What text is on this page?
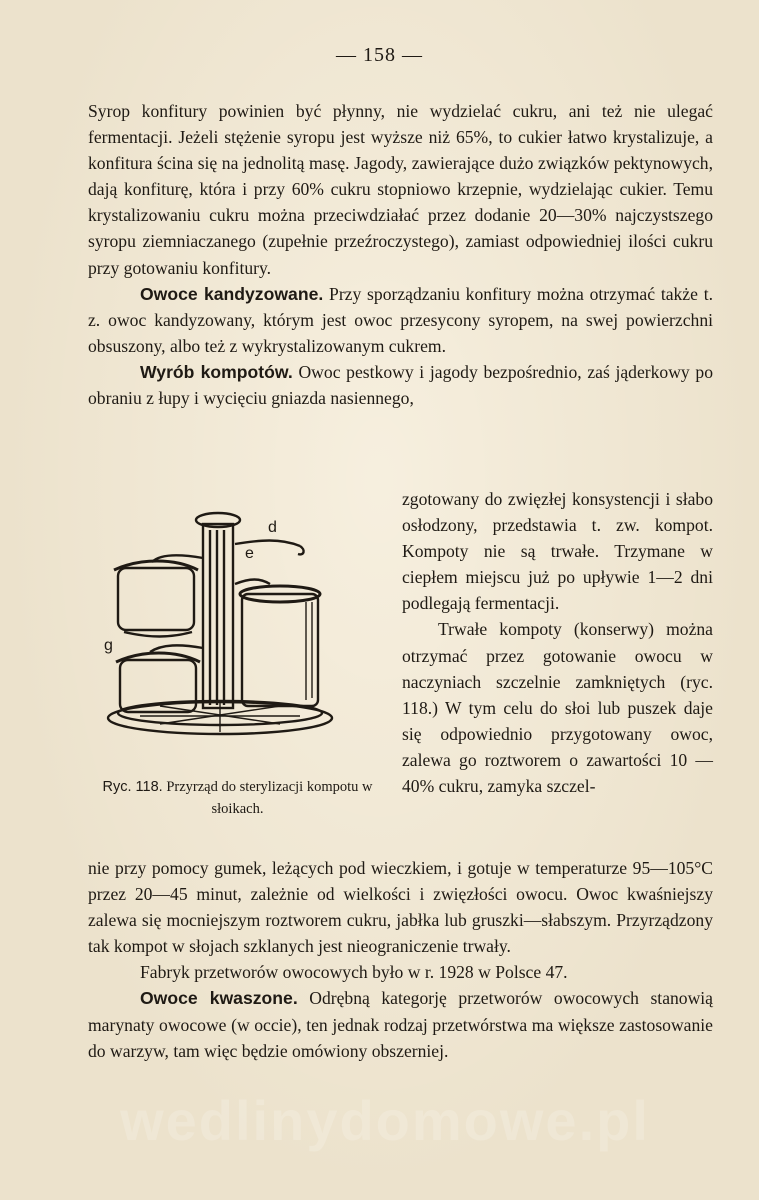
— 158 —

Syrop konfitury powinien być płynny, nie wydzielać cukru, ani też nie ulegać fermentacji. Jeżeli stężenie syropu jest wyższe niż 65%, to cukier łatwo krystalizuje, a konfitura ścina się na jednolitą masę. Jagody, zawierające dużo związków pektynowych, dają konfiturę, która i przy 60% cukru stopniowo krzepnie, wydzielając cukier. Temu krystalizowaniu cukru można przeciwdziałać przez dodanie 20—30% najczystszego syropu ziemniaczanego (zupełnie przeźroczystego), zamiast odpowiedniej ilości cukru przy gotowaniu konfitury.

Owoce kandyzowane. Przy sporządzaniu konfitury można otrzymać także t. z. owoc kandyzowany, którym jest owoc przesycony syropem, na swej powierzchni obsuszony, albo też z wykrystalizowanym cukrem.

Wyrób kompotów. Owoc pestkowy i jagody bezpośrednio, zaś jąderkowy po obraniu z łupy i wycięciu gniazda nasiennego,

zgotowany do zwięzłej konsystencji i słabo osłodzony, przedstawia t. zw. kompot. Kompoty nie są trwałe. Trzymane w ciepłem miejscu już po upływie 1—2 dni podlegają fermentacji.
Trwałe kompoty (konserwy) można otrzymać przez gotowanie owocu w naczyniach szczelnie zamkniętych (ryc. 118.) W tym celu do słoi lub puszek daje się odpowiednio przygotowany owoc, zalewa go roztworem o zawartości 10 — 40% cukru, zamyka szczel-
d
e
g
Ryc. 118. Przyrząd do sterylizacji kompotu w słoikach.

nie przy pomocy gumek, leżących pod wieczkiem, i gotuje w temperaturze 95—105°C przez 20—45 minut, zależnie od wielkości i zwięzłości owocu. Owoc kwaśniejszy zalewa się mocniejszym roztworem cukru, jabłka lub gruszki—słabszym. Przyrządzony tak kompot w słojach szklanych jest nieograniczenie trwały.

Fabryk przetworów owocowych było w r. 1928 w Polsce 47.

Owoce kwaszone. Odrębną kategorję przetworów owocowych stanowią marynaty owocowe (w occie), ten jednak rodzaj przetwórstwa ma większe zastosowanie do warzyw, tam więc będzie omówiony obszerniej.

wedlinydomowe.pl
